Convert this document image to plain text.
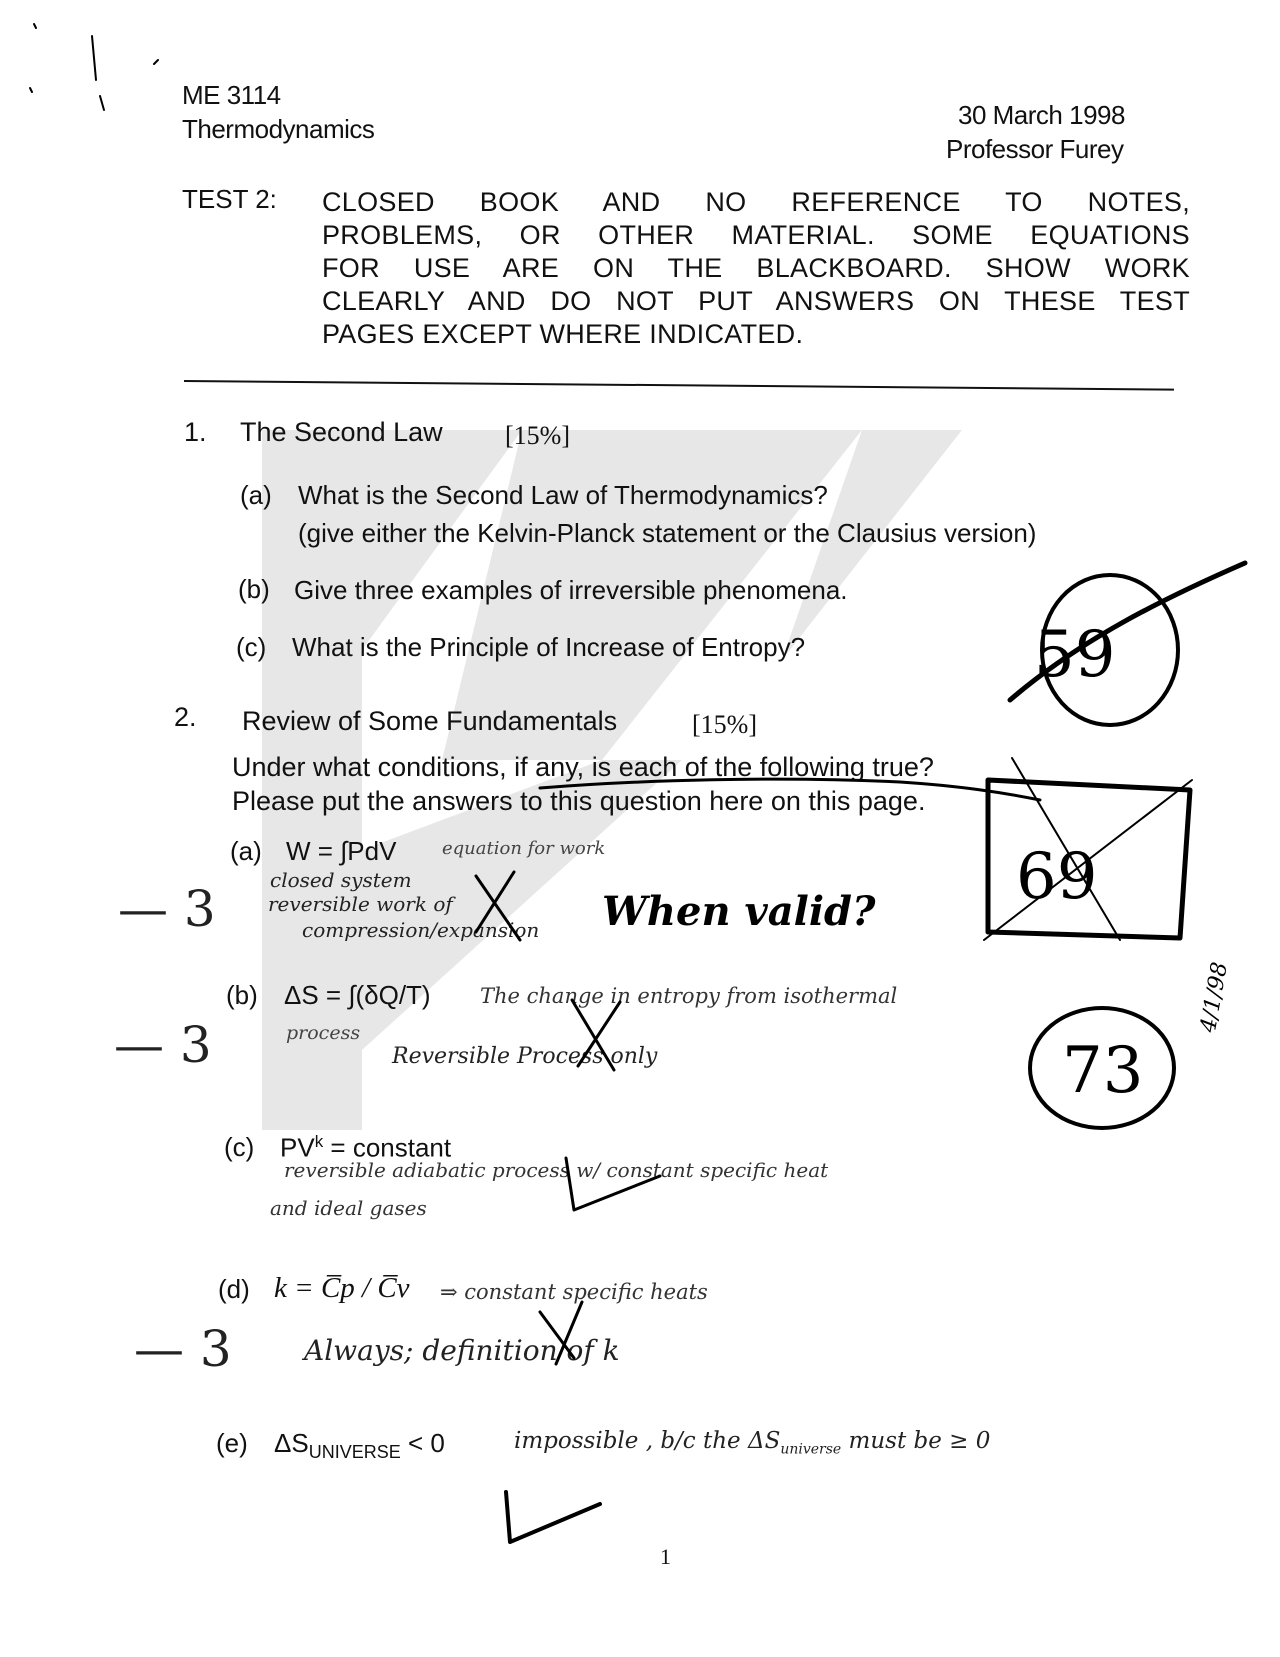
ME 3114
Thermodynamics	30 March 1998
Professor Furey
TEST 2: CLOSED BOOK AND NO REFERENCE TO NOTES,
PROBLEMS, OR OTHER MATERIAL. SOME EQUATIONS
FOR USE ARE ON THE BLACKBOARD. SHOW WORK
CLEARLY AND DO NOT PUT ANSWERS ON THESE TEST
PAGES EXCEPT WHERE INDICATED.
1. The Second Law [15%]
(a) What is the Second Law of Thermodynamics?
(give either the Kelvin-Planck statement or the Clausius version)
(b) Give three examples of irreversible phenomena.
(c) What is the Principle of Increase of Entropy?
2. Review of Some Fundamentals	[15%]
Under what conditions, if any, is each of the following true?
Please put the answers to this question here on this page.
(a) W = ∫PdV
(b) ΔS = ∫(δQ/T)
(c) $PV^k$ = constant
(d) k = C̅p / C̅v
(e) $\Delta S_{UNIVERSE} < 0$
equation for work
closed system
reversible work of
compression/expansion When valid?
The change in entropy from isothermal
process
Reversible Process only
reversible adiabatic process w/ constant specific heat
and ideal gases
⇒ constant specific heats
Always; definition of k
impossible , b/c the $\Delta S_{universe}$ must be ≥ 0
— 3
— 3
— 3
59
69
73
4/1/98
1
